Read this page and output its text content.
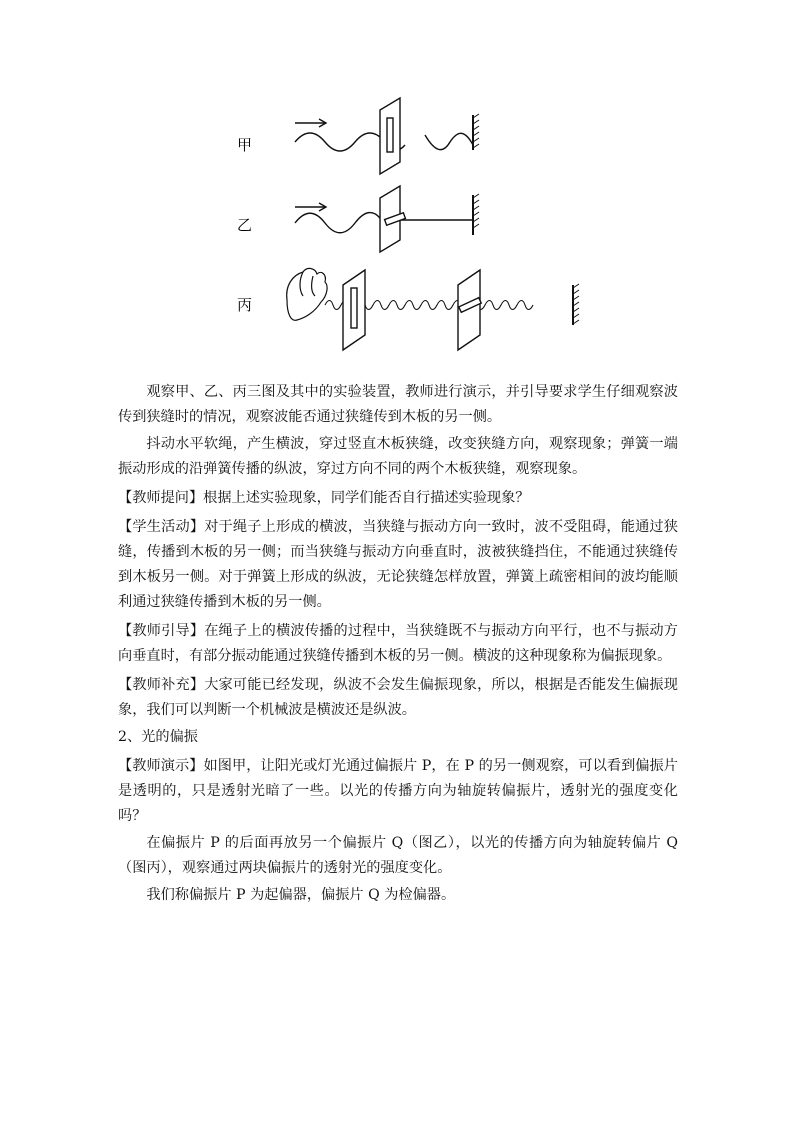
甲
乙
丙

观察甲、乙、丙三图及其中的实验装置，教师进行演示，并引导要求学生仔细观察波传到狭缝时的情况，观察波能否通过狭缝传到木板的另一侧。

抖动水平软绳，产生横波，穿过竖直木板狭缝，改变狭缝方向，观察现象；弹簧一端振动形成的沿弹簧传播的纵波，穿过方向不同的两个木板狭缝，观察现象。

【教师提问】根据上述实验现象，同学们能否自行描述实验现象？

【学生活动】对于绳子上形成的横波，当狭缝与振动方向一致时，波不受阻碍，能通过狭缝，传播到木板的另一侧；而当狭缝与振动方向垂直时，波被狭缝挡住，不能通过狭缝传到木板另一侧。对于弹簧上形成的纵波，无论狭缝怎样放置，弹簧上疏密相间的波均能顺利通过狭缝传播到木板的另一侧。

【教师引导】在绳子上的横波传播的过程中，当狭缝既不与振动方向平行，也不与振动方向垂直时，有部分振动能通过狭缝传播到木板的另一侧。横波的这种现象称为偏振现象。

【教师补充】大家可能已经发现，纵波不会发生偏振现象，所以，根据是否能发生偏振现象，我们可以判断一个机械波是横波还是纵波。

2、光的偏振

【教师演示】如图甲，让阳光或灯光通过偏振片 P，在 P 的另一侧观察，可以看到偏振片是透明的，只是透射光暗了一些。以光的传播方向为轴旋转偏振片，透射光的强度变化吗？

在偏振片 P 的后面再放另一个偏振片 Q（图乙），以光的传播方向为轴旋转偏片 Q（图丙），观察通过两块偏振片的透射光的强度变化。

我们称偏振片 P 为起偏器，偏振片 Q 为检偏器。
